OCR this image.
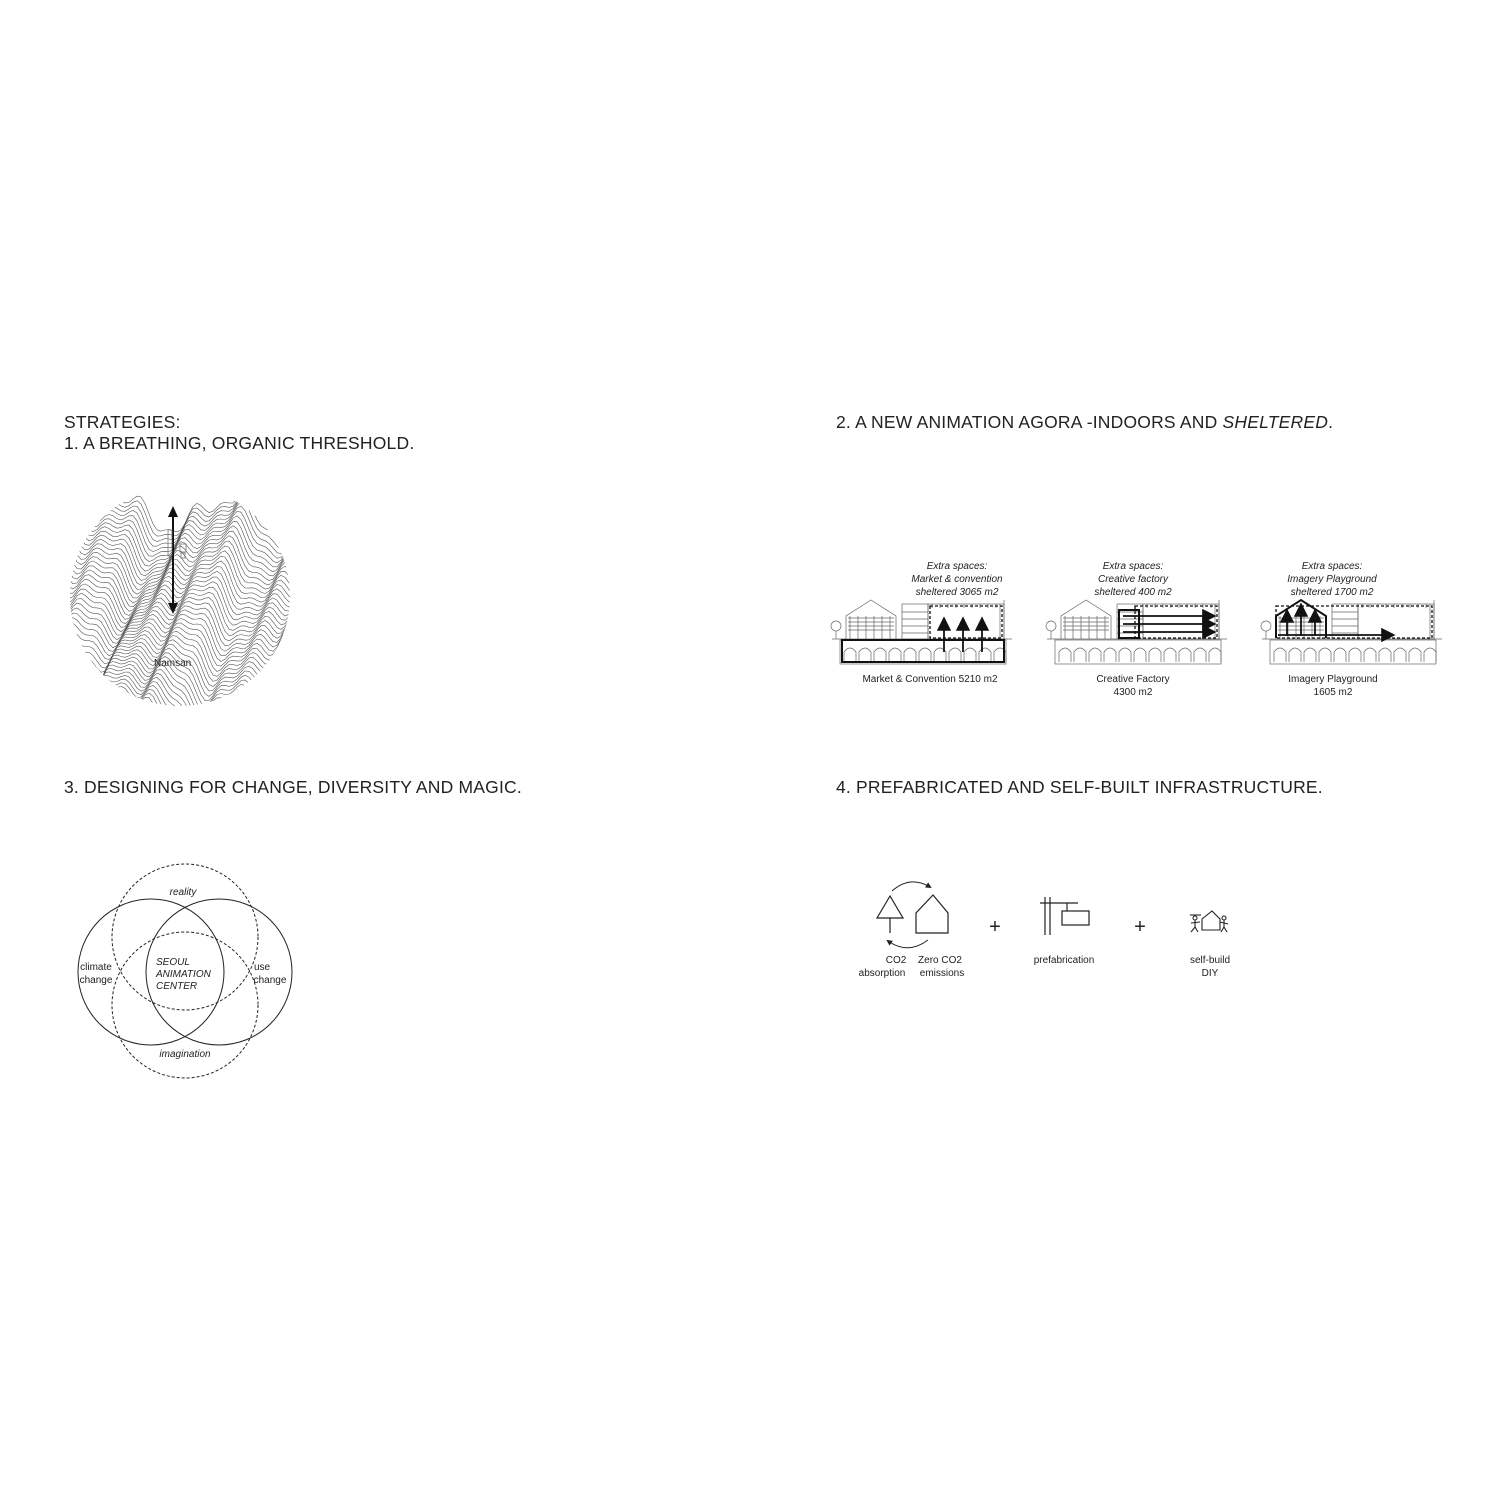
STRATEGIES:
1. A BREATHING, ORGANIC THRESHOLD.
2. A NEW ANIMATION AGORA -INDOORS AND SHELTERED.
3. DESIGNING FOR CHANGE, DIVERSITY AND MAGIC.	4. PREFABRICATED AND SELF-BUILT INFRASTRUCTURE.
Namsan
Extra spaces:
Market & convention
sheltered 3065 m2
Market & Convention 5210 m2
Extra spaces:
Creative factory
sheltered 400 m2
Creative Factory
4300 m2
Extra spaces:
Imagery Playground
sheltered 1700 m2
Imagery Playground
1605 m2
reality
imagination
climate
change
use
change
SEOUL
ANIMATION
CENTER
CO2
absorption
Zero CO2
emissions
+
prefabrication
+
self-build
DIY
